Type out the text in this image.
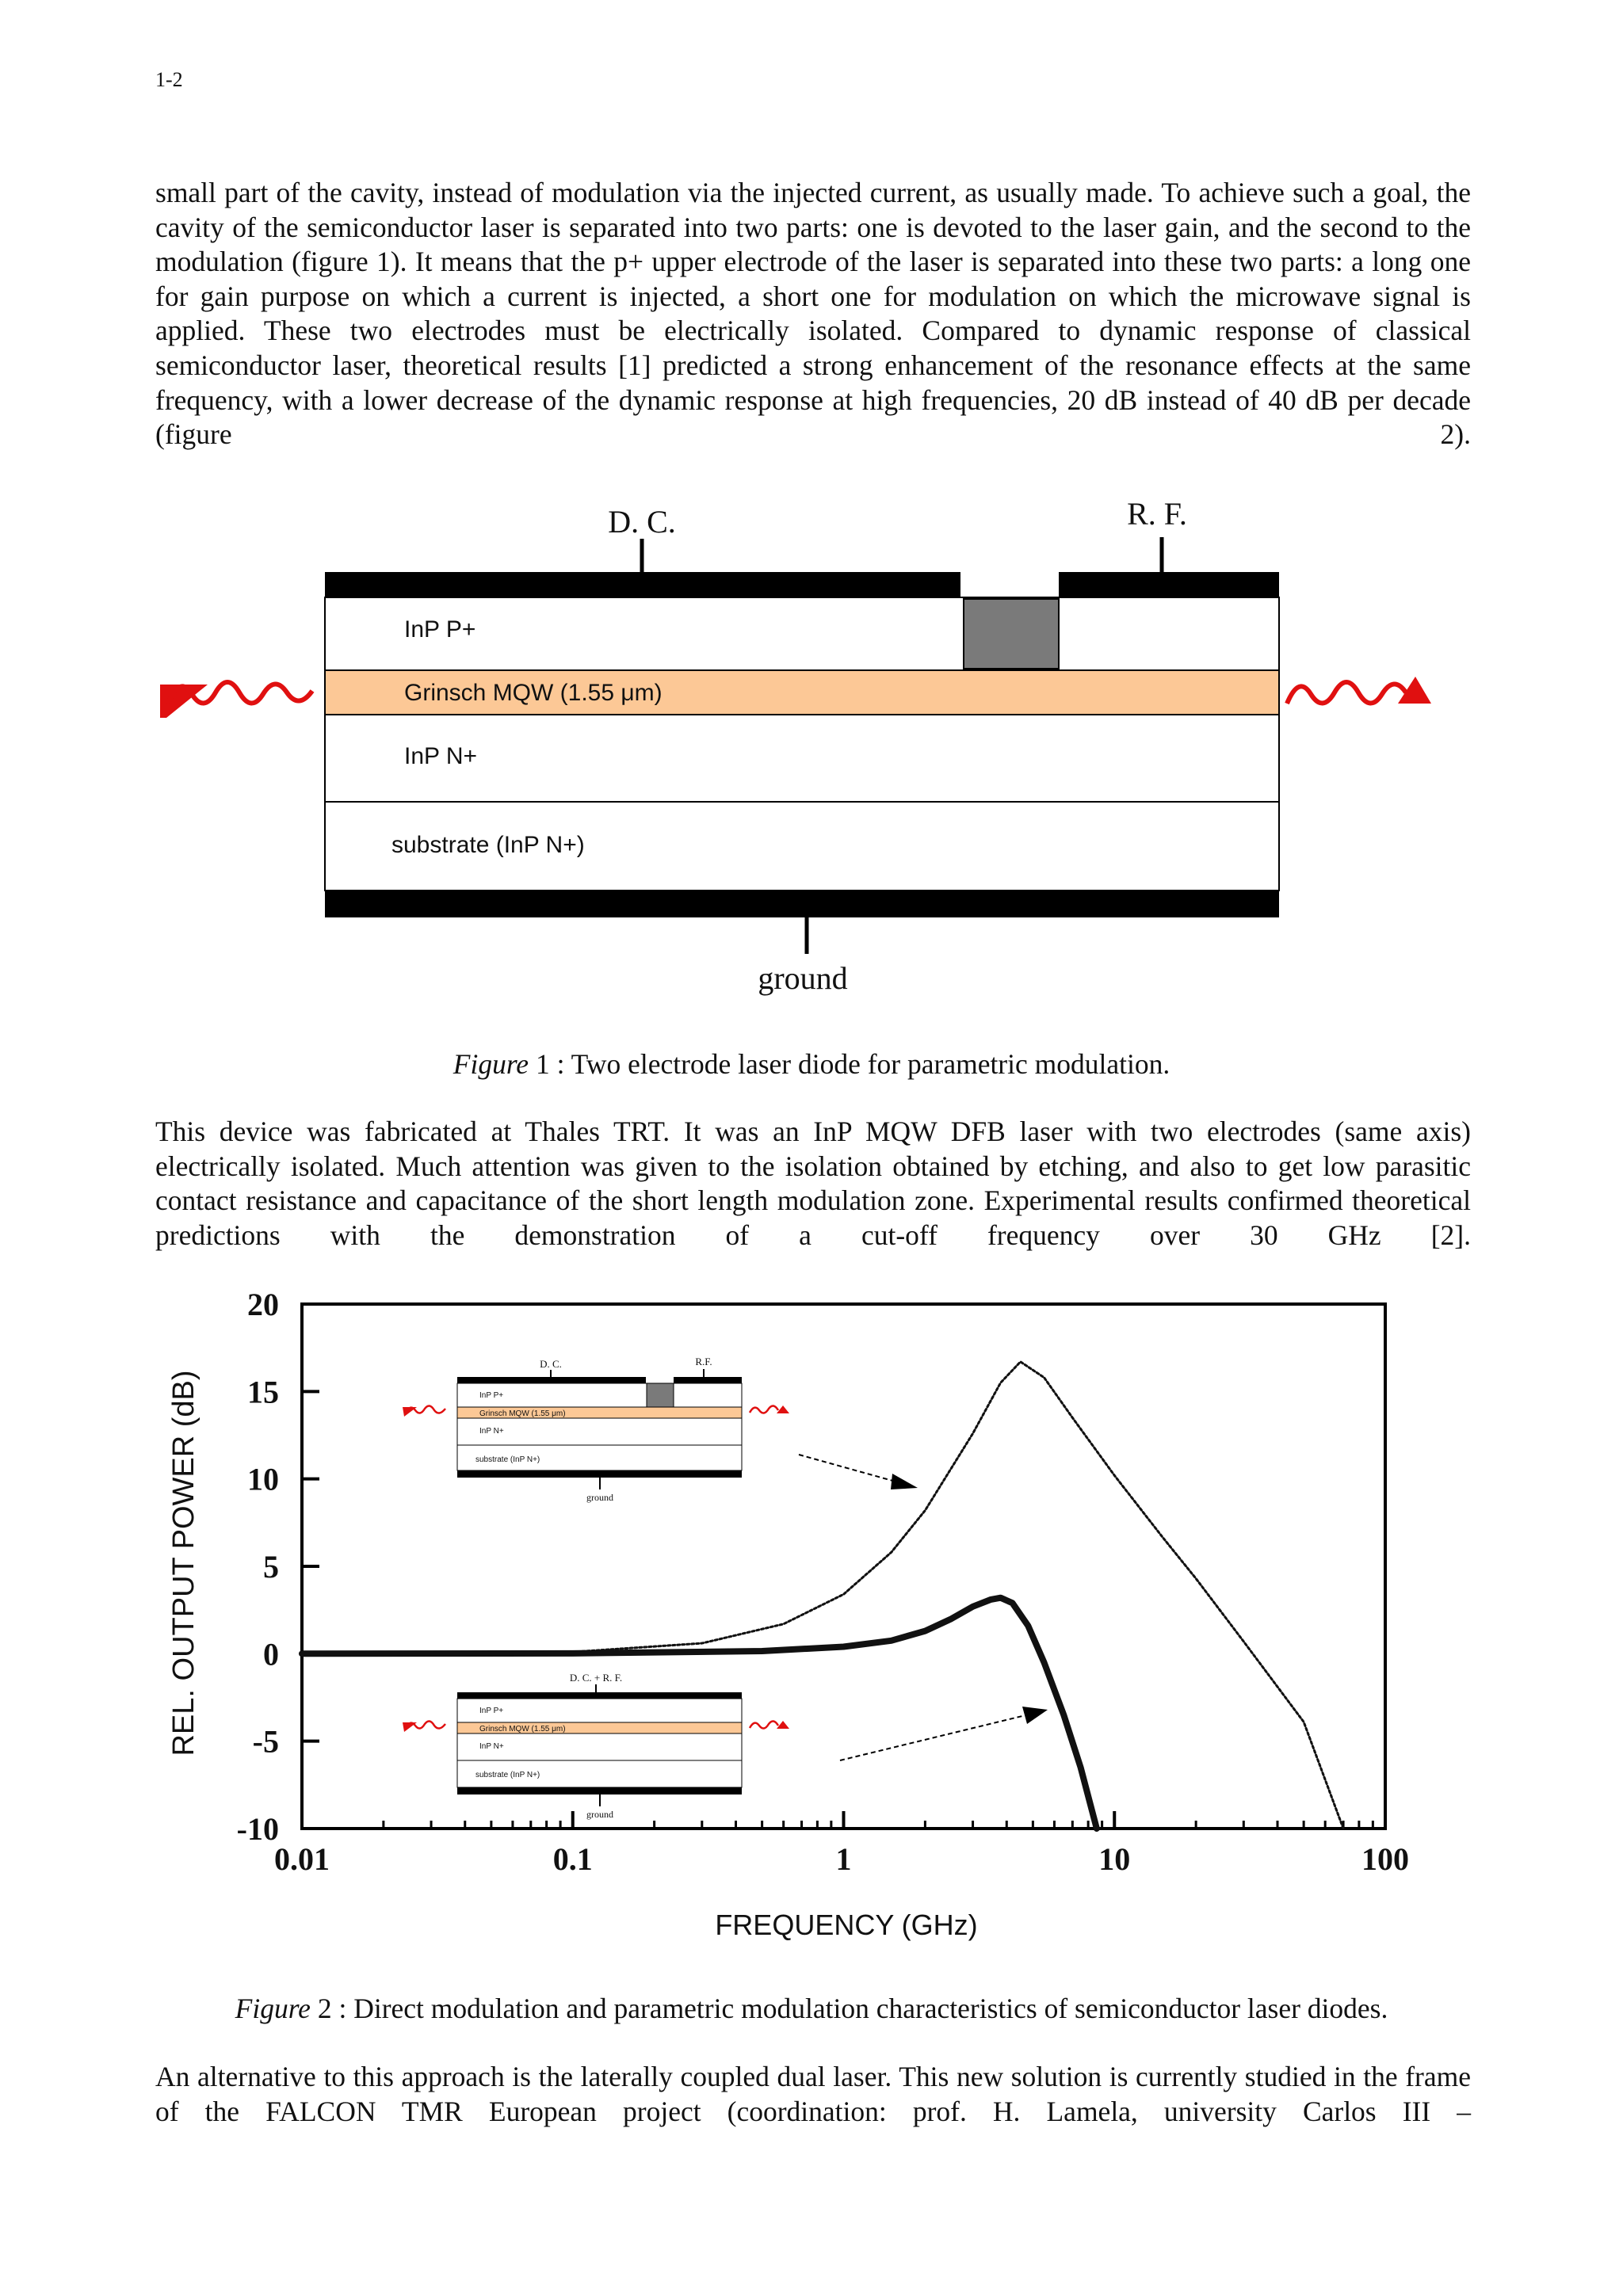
1-2

small part of the cavity, instead of modulation via the injected current, as usually made. To achieve such a goal, the cavity of the semiconductor laser is separated into two parts: one is devoted to the laser gain, and the second to the modulation (figure 1). It means that the p+ upper electrode of the laser is separated into these two parts: a long one for gain purpose on which a current is injected, a short one for modulation on which the microwave signal is applied. These two electrodes must be electrically isolated. Compared to dynamic response of classical semiconductor laser, theoretical results [1] predicted a strong enhancement of the resonance effects at the same frequency, with a lower decrease of the dynamic response at high frequencies, 20 dB instead of 40 dB per decade (figure 2).

D. C.	R. F.
ground
InP P+
Grinsch MQW (1.55 μm)
InP N+
substrate (InP N+)

Figure 1 : Two electrode laser diode for parametric modulation.

This device was fabricated at Thales TRT. It was an InP MQW DFB laser with two electrodes (same axis) electrically isolated. Much attention was given to the isolation obtained by etching, and also to get low parasitic contact resistance and capacitance of the short length modulation zone. Experimental results confirmed theoretical predictions with the demonstration of a cut-off frequency over 30 GHz [2].

20
15
10
5
0
-5
-10
0.01	0.1	1	10	100
REL. OUTPUT POWER (dB)
FREQUENCY (GHz)
D. C.	R.F.
ground
InP P+
Grinsch MQW (1.55 μm)
InP N+
substrate (InP N+)
D. C. + R. F.
ground
InP P+
Grinsch MQW (1.55 μm)
InP N+
substrate (InP N+)

Figure 2 : Direct modulation and parametric modulation characteristics of semiconductor laser diodes.

An alternative to this approach is the laterally coupled dual laser. This new solution is currently studied in the frame of the FALCON TMR European project (coordination: prof. H. Lamela, university Carlos III –
